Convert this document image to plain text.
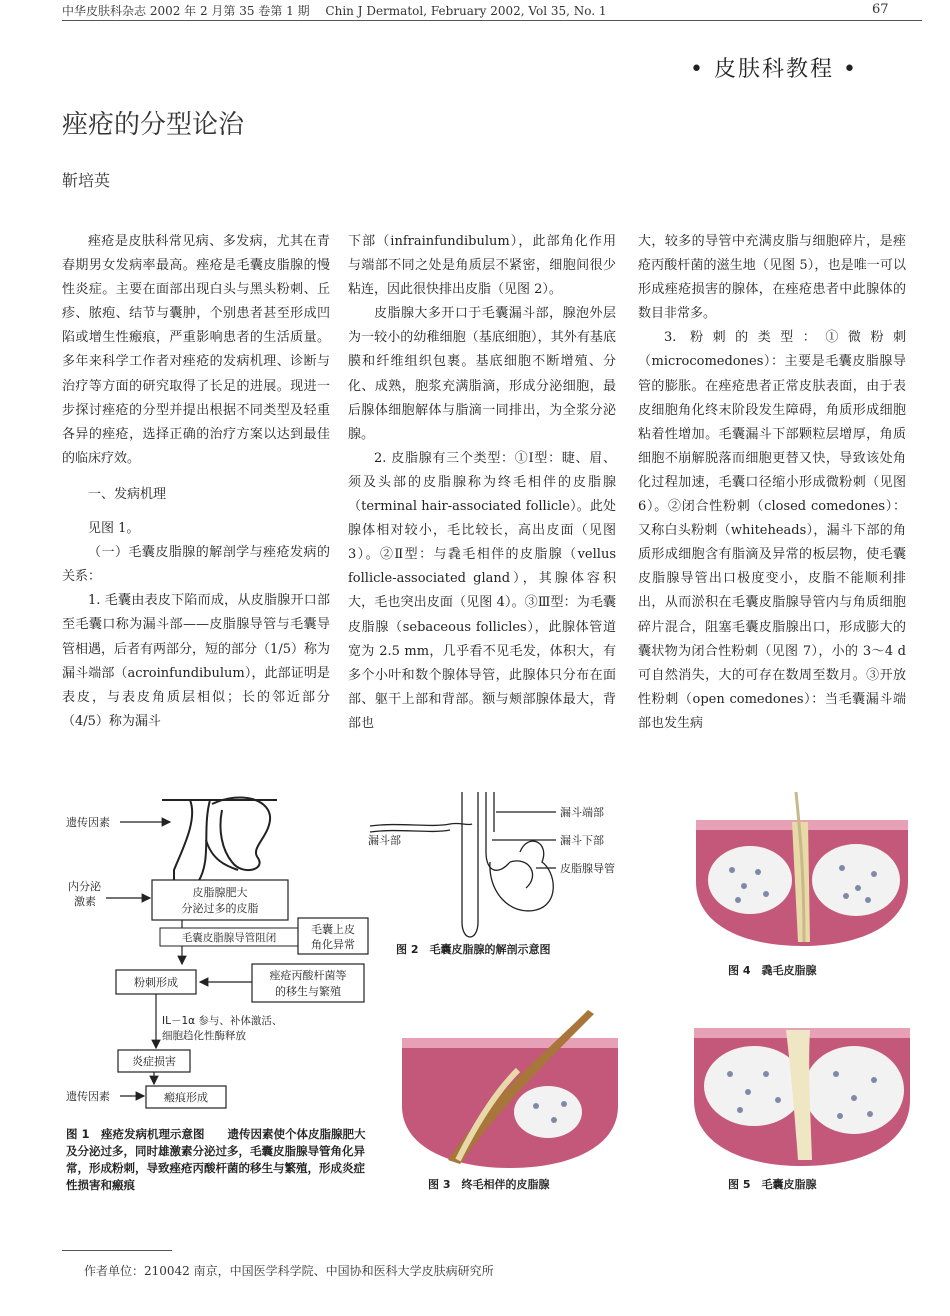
中华皮肤科杂志 2002 年 2 月第 35 卷第 1 期　 Chin J Dermatol, February 2002, Vol 35, No. 1	67
• 皮肤科教程 •
痤疮的分型论治
靳培英

痤疮是皮肤科常见病、多发病，尤其在青春期男女发病率最高。痤疮是毛囊皮脂腺的慢性炎症。主要在面部出现白头与黑头粉刺、丘疹、脓疱、结节与囊肿，个别患者甚至形成凹陷或增生性瘢痕，严重影响患者的生活质量。多年来科学工作者对痤疮的发病机理、诊断与治疗等方面的研究取得了长足的进展。现进一步探讨痤疮的分型并提出根据不同类型及轻重各异的痤疮，选择正确的治疗方案以达到最佳的临床疗效。

一、发病机理

见图 1。

（一）毛囊皮脂腺的解剖学与痤疮发病的关系：

1. 毛囊由表皮下陷而成，从皮脂腺开口部至毛囊口称为漏斗部——皮脂腺导管与毛囊导管相遇，后者有两部分，短的部分（1/5）称为漏斗端部（acroinfundibulum），此部证明是表皮，与表皮角质层相似；长的邻近部分（4/5）称为漏斗

下部（infrainfundibulum），此部角化作用与端部不同之处是角质层不紧密，细胞间很少粘连，因此很快排出皮脂（见图 2）。

皮脂腺大多开口于毛囊漏斗部，腺泡外层为一较小的幼稚细胞（基底细胞），其外有基底膜和纤维组织包裹。基底细胞不断增殖、分化、成熟，胞浆充满脂滴，形成分泌细胞，最后腺体细胞解体与脂滴一同排出，为全浆分泌腺。

2. 皮脂腺有三个类型：①Ⅰ型：睫、眉、须及头部的皮脂腺称为终毛相伴的皮脂腺（terminal hair-associated follicle）。此处腺体相对较小，毛比较长，高出皮面（见图 3）。②Ⅱ型：与毳毛相伴的皮脂腺（vellus follicle-associated gland），其腺体容积大，毛也突出皮面（见图 4）。③Ⅲ型：为毛囊皮脂腺（sebaceous follicles），此腺体管道宽为 2.5 mm，几乎看不见毛发，体积大，有多个小叶和数个腺体导管，此腺体只分布在面部、躯干上部和背部。额与颊部腺体最大，背部也

大，较多的导管中充满皮脂与细胞碎片，是痤疮丙酸杆菌的滋生地（见图 5），也是唯一可以形成痤疮损害的腺体，在痤疮患者中此腺体的数目非常多。

3. 粉刺的类型：①微粉刺（microcomedones）：主要是毛囊皮脂腺导管的膨胀。在痤疮患者正常皮肤表面，由于表皮细胞角化终末阶段发生障碍，角质形成细胞粘着性增加。毛囊漏斗下部颗粒层增厚，角质细胞不崩解脱落而细胞更替又快，导致该处角化过程加速，毛囊口径缩小形成微粉刺（见图 6）。②闭合性粉刺（closed comedones）：又称白头粉刺（whiteheads），漏斗下部的角质形成细胞含有脂滴及异常的板层物，使毛囊皮脂腺导管出口极度变小，皮脂不能顺利排出，从而淤积在毛囊皮脂腺导管内与角质细胞碎片混合，阻塞毛囊皮脂腺出口，形成膨大的囊状物为闭合性粉刺（见图 7），小的 3～4 d 可自然消失，大的可存在数周至数月。③开放性粉刺（open comedones）：当毛囊漏斗端部也发生病

遗传因素
内分泌
激素
皮脂腺肥大
分泌过多的皮脂
毛囊皮脂腺导管阻闭
毛囊上皮
角化异常
粉刺形成
痤疮丙酸杆菌等
的移生与繁殖
IL－1α 参与、补体激活、
细胞趋化性酶释放
炎症损害
遗传因素	瘢痕形成
图 1　痤疮发病机理示意图　　遗传因素使个体皮脂腺肥大及分泌过多，同时雄激素分泌过多，毛囊皮脂腺导管角化异常，形成粉刺，导致痤疮丙酸杆菌的移生与繁殖，形成炎症性损害和瘢痕
漏斗部
漏斗端部
漏斗下部
皮脂腺导管
图 2　毛囊皮脂腺的解剖示意图
图 4　毳毛皮脂腺
图 3　终毛相伴的皮脂腺	图 5　毛囊皮脂腺
作者单位：210042 南京，中国医学科学院、中国协和医科大学皮肤病研究所
